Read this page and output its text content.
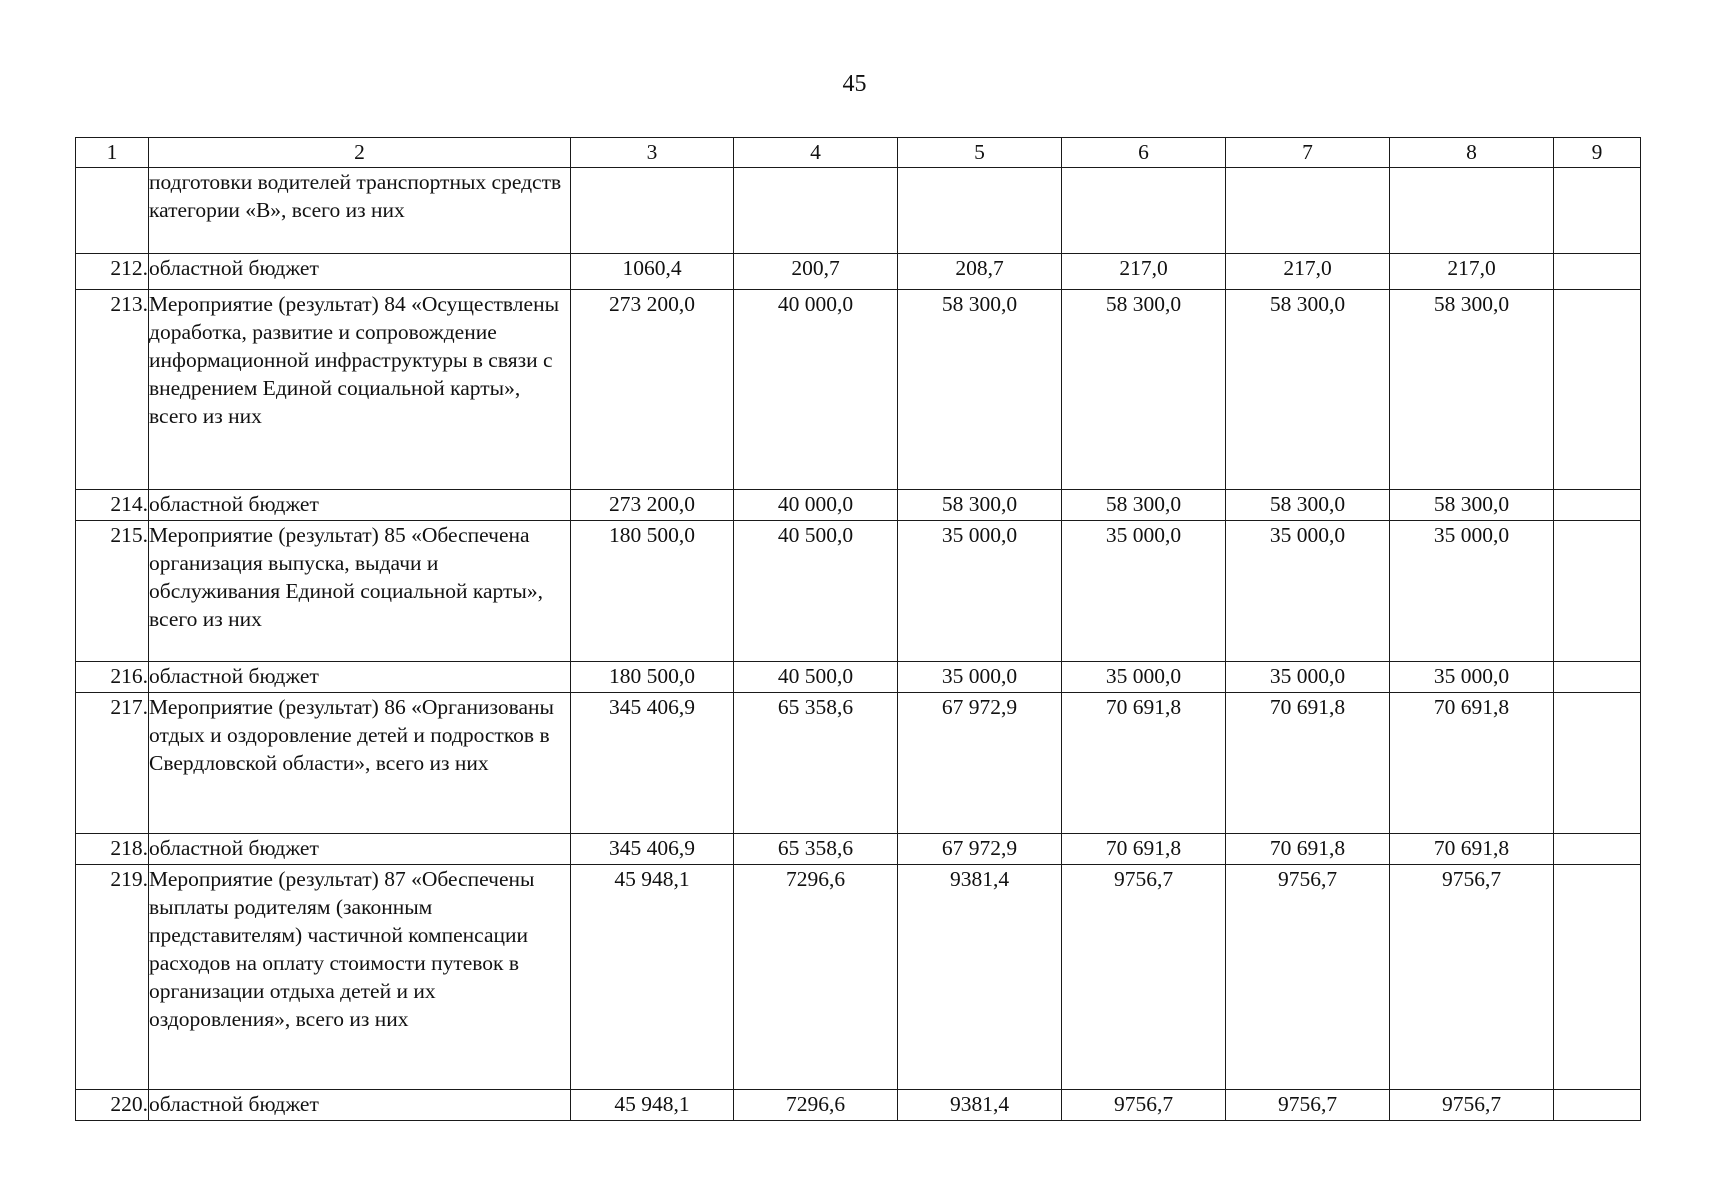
45
1	2	3	4	5	6	7	8	9
	подготовки водителей транспортных средств категории «В», всего из них							
212.	областной бюджет	1060,4	200,7	208,7	217,0	217,0	217,0	
213.	Мероприятие (результат) 84 «Осуществлены доработка, развитие и сопровождение информационной инфраструктуры в связи с внедрением Единой социальной карты», всего из них	273 200,0	40 000,0	58 300,0	58 300,0	58 300,0	58 300,0	
214.	областной бюджет	273 200,0	40 000,0	58 300,0	58 300,0	58 300,0	58 300,0	
215.	Мероприятие (результат) 85 «Обеспечена организация выпуска, выдачи и обслуживания Единой социальной карты», всего из них	180 500,0	40 500,0	35 000,0	35 000,0	35 000,0	35 000,0	
216.	областной бюджет	180 500,0	40 500,0	35 000,0	35 000,0	35 000,0	35 000,0	
217.	Мероприятие (результат) 86 «Организованы отдых и оздоровление детей и подростков в Свердловской области», всего из них	345 406,9	65 358,6	67 972,9	70 691,8	70 691,8	70 691,8	
218.	областной бюджет	345 406,9	65 358,6	67 972,9	70 691,8	70 691,8	70 691,8	
219.	Мероприятие (результат) 87 «Обеспечены выплаты родителям (законным представителям) частичной компенсации расходов на оплату стоимости путевок в организации отдыха детей и их оздоровления», всего из них	45 948,1	7296,6	9381,4	9756,7	9756,7	9756,7	
220.	областной бюджет	45 948,1	7296,6	9381,4	9756,7	9756,7	9756,7	
